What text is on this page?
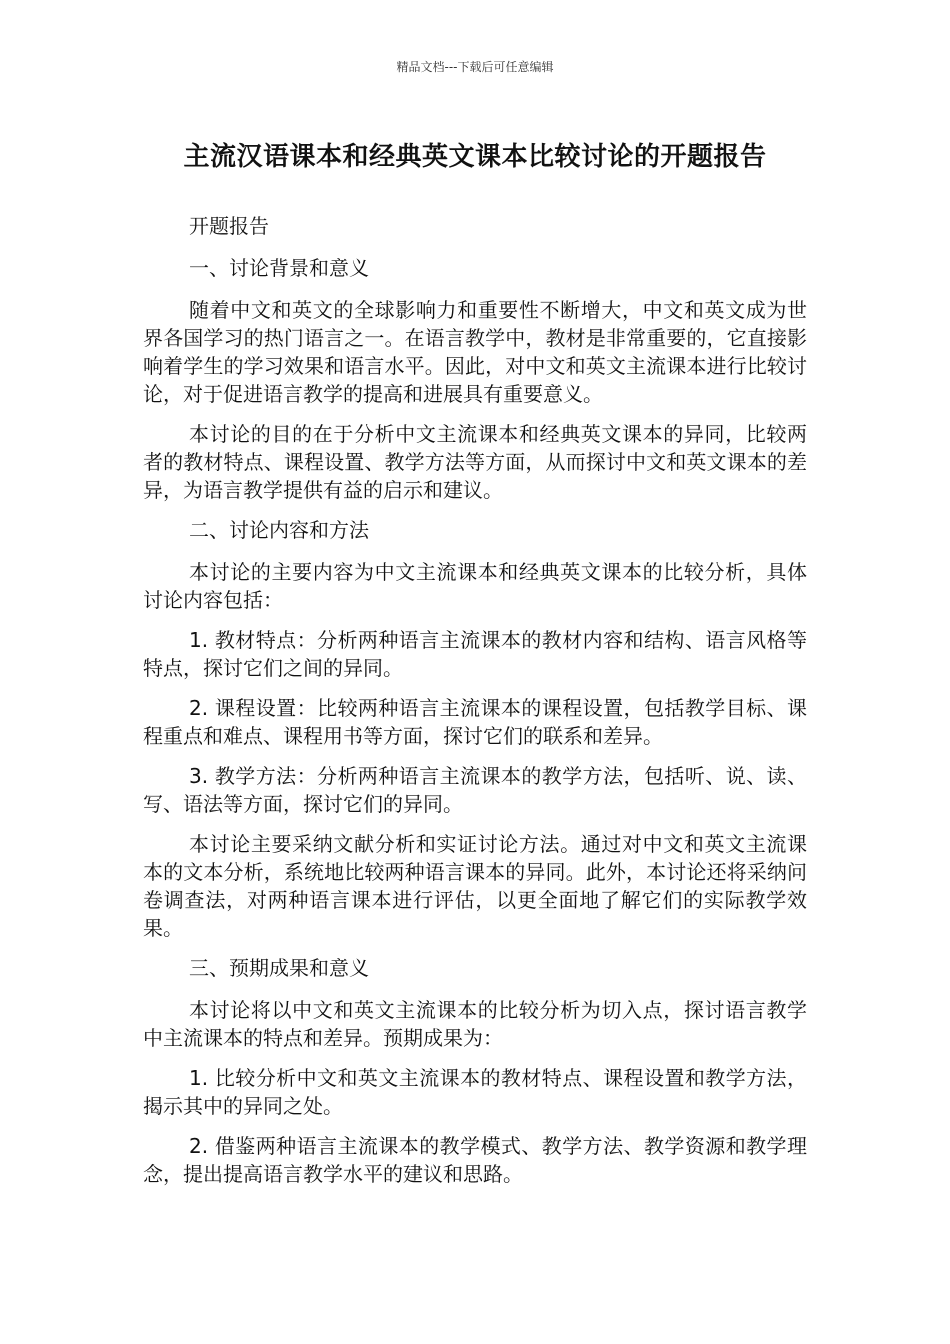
精品文档---下载后可任意编辑
主流汉语课本和经典英文课本比较讨论的开题报告

开题报告

一、讨论背景和意义

随着中文和英文的全球影响力和重要性不断增大，中文和英文成为世界各国学习的热门语言之一。在语言教学中，教材是非常重要的，它直接影响着学生的学习效果和语言水平。因此，对中文和英文主流课本进行比较讨论，对于促进语言教学的提高和进展具有重要意义。

本讨论的目的在于分析中文主流课本和经典英文课本的异同，比较两者的教材特点、课程设置、教学方法等方面，从而探讨中文和英文课本的差异，为语言教学提供有益的启示和建议。

二、讨论内容和方法

本讨论的主要内容为中文主流课本和经典英文课本的比较分析，具体讨论内容包括：

1. 教材特点：分析两种语言主流课本的教材内容和结构、语言风格等特点，探讨它们之间的异同。

2. 课程设置：比较两种语言主流课本的课程设置，包括教学目标、课程重点和难点、课程用书等方面，探讨它们的联系和差异。

3. 教学方法：分析两种语言主流课本的教学方法，包括听、说、读、写、语法等方面，探讨它们的异同。

本讨论主要采纳文献分析和实证讨论方法。通过对中文和英文主流课本的文本分析，系统地比较两种语言课本的异同。此外，本讨论还将采纳问卷调查法，对两种语言课本进行评估，以更全面地了解它们的实际教学效果。

三、预期成果和意义

本讨论将以中文和英文主流课本的比较分析为切入点，探讨语言教学中主流课本的特点和差异。预期成果为：

1. 比较分析中文和英文主流课本的教材特点、课程设置和教学方法，揭示其中的异同之处。

2. 借鉴两种语言主流课本的教学模式、教学方法、教学资源和教学理念，提出提高语言教学水平的建议和思路。
